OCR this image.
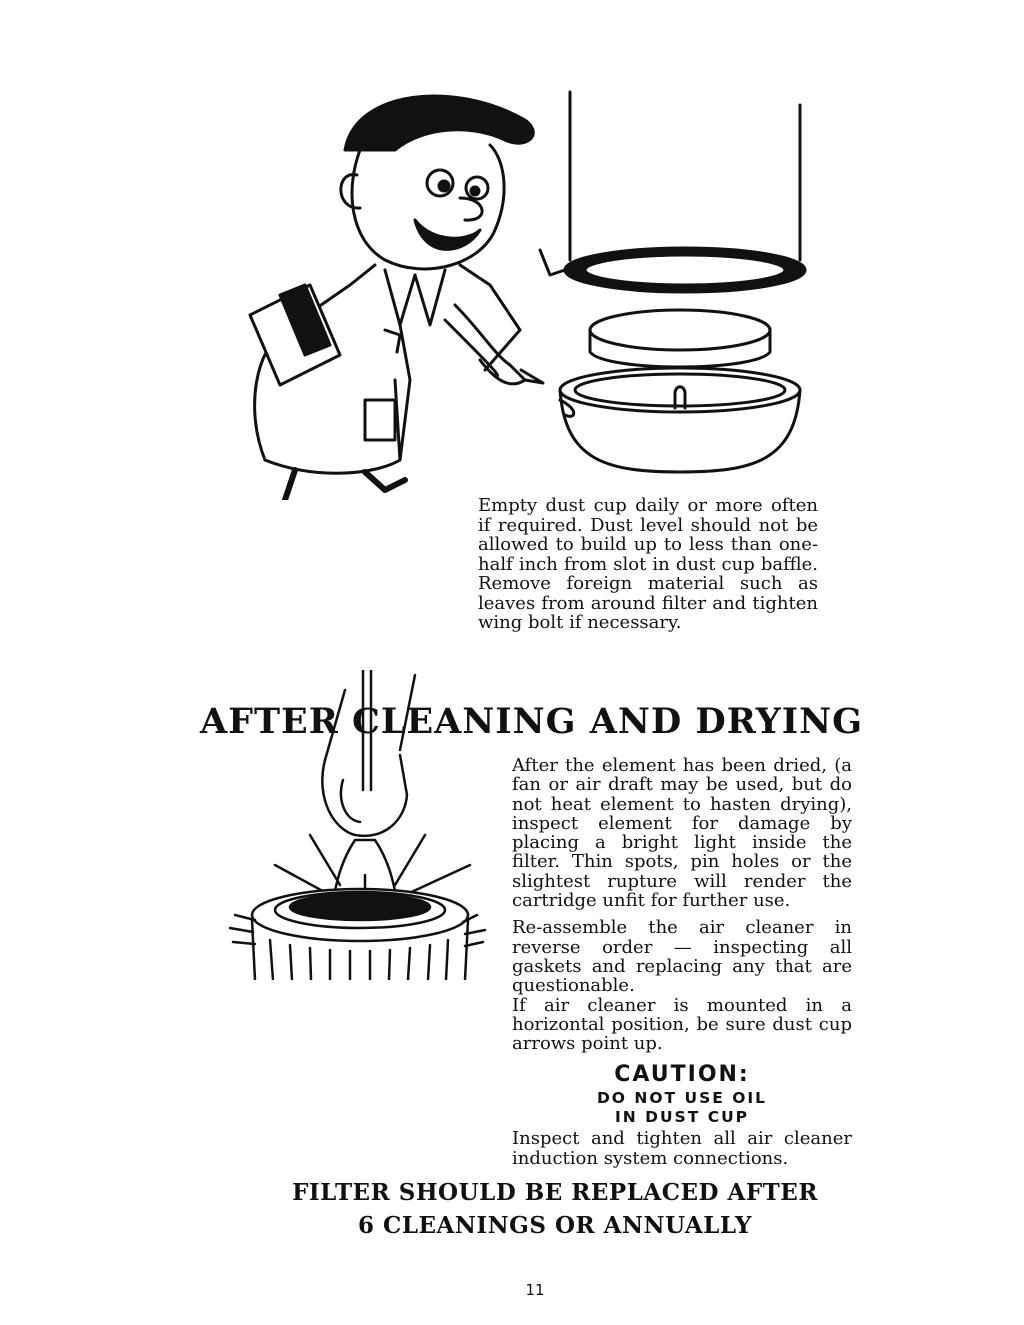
Empty dust cup daily or more often if required. Dust level should not be allowed to build up to less than one-half inch from slot in dust cup baffle. Remove foreign material such as leaves from around filter and tighten wing bolt if necessary.
AFTER CLEANING AND DRYING

After the element has been dried, (a fan or air draft may be used, but do not heat element to hasten drying), inspect element for damage by placing a bright light inside the filter. Thin spots, pin holes or the slightest rupture will render the cartridge unfit for further use.

Re-assemble the air cleaner in reverse order — inspecting all gaskets and replacing any that are questionable.

If air cleaner is mounted in a horizontal position, be sure dust cup arrows point up.

CAUTION:
DO NOT USE OIL
IN DUST CUP

Inspect and tighten all air cleaner induction system connections.

FILTER SHOULD BE REPLACED AFTER
6 CLEANINGS OR ANNUALLY
11
